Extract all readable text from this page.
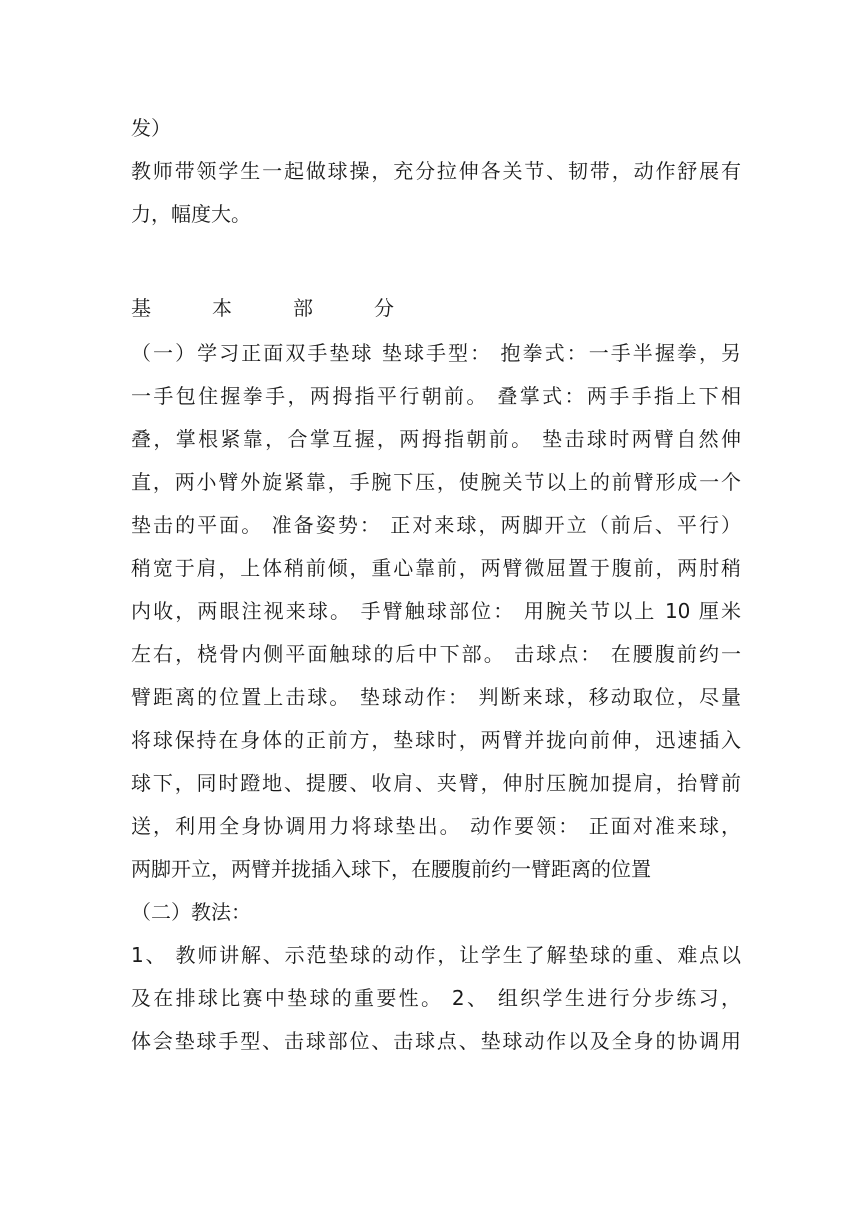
发）
教师带领学生一起做球操，充分拉伸各关节、韧带，动作舒展有
力，幅度大。
基	本	部	分
（一）学习正面双手垫球 垫球手型： 抱拳式：一手半握拳，另
一手包住握拳手，两拇指平行朝前。 叠掌式：两手手指上下相
叠，掌根紧靠，合掌互握，两拇指朝前。 垫击球时两臂自然伸
直，两小臂外旋紧靠，手腕下压，使腕关节以上的前臂形成一个
垫击的平面。 准备姿势： 正对来球，两脚开立（前后、平行）
稍宽于肩，上体稍前倾，重心靠前，两臂微屈置于腹前，两肘稍
内收，两眼注视来球。 手臂触球部位： 用腕关节以上 10 厘米
左右，桡骨内侧平面触球的后中下部。 击球点： 在腰腹前约一
臂距离的位置上击球。 垫球动作： 判断来球，移动取位，尽量
将球保持在身体的正前方，垫球时，两臂并拢向前伸，迅速插入
球下，同时蹬地、提腰、收肩、夹臂，伸肘压腕加提肩，抬臂前
送，利用全身协调用力将球垫出。 动作要领： 正面对准来球，
两脚开立，两臂并拢插入球下，在腰腹前约一臂距离的位置
（二）教法：
1、 教师讲解、示范垫球的动作，让学生了解垫球的重、难点以
及在排球比赛中垫球的重要性。 2、 组织学生进行分步练习，
体会垫球手型、击球部位、击球点、垫球动作以及全身的协调用
